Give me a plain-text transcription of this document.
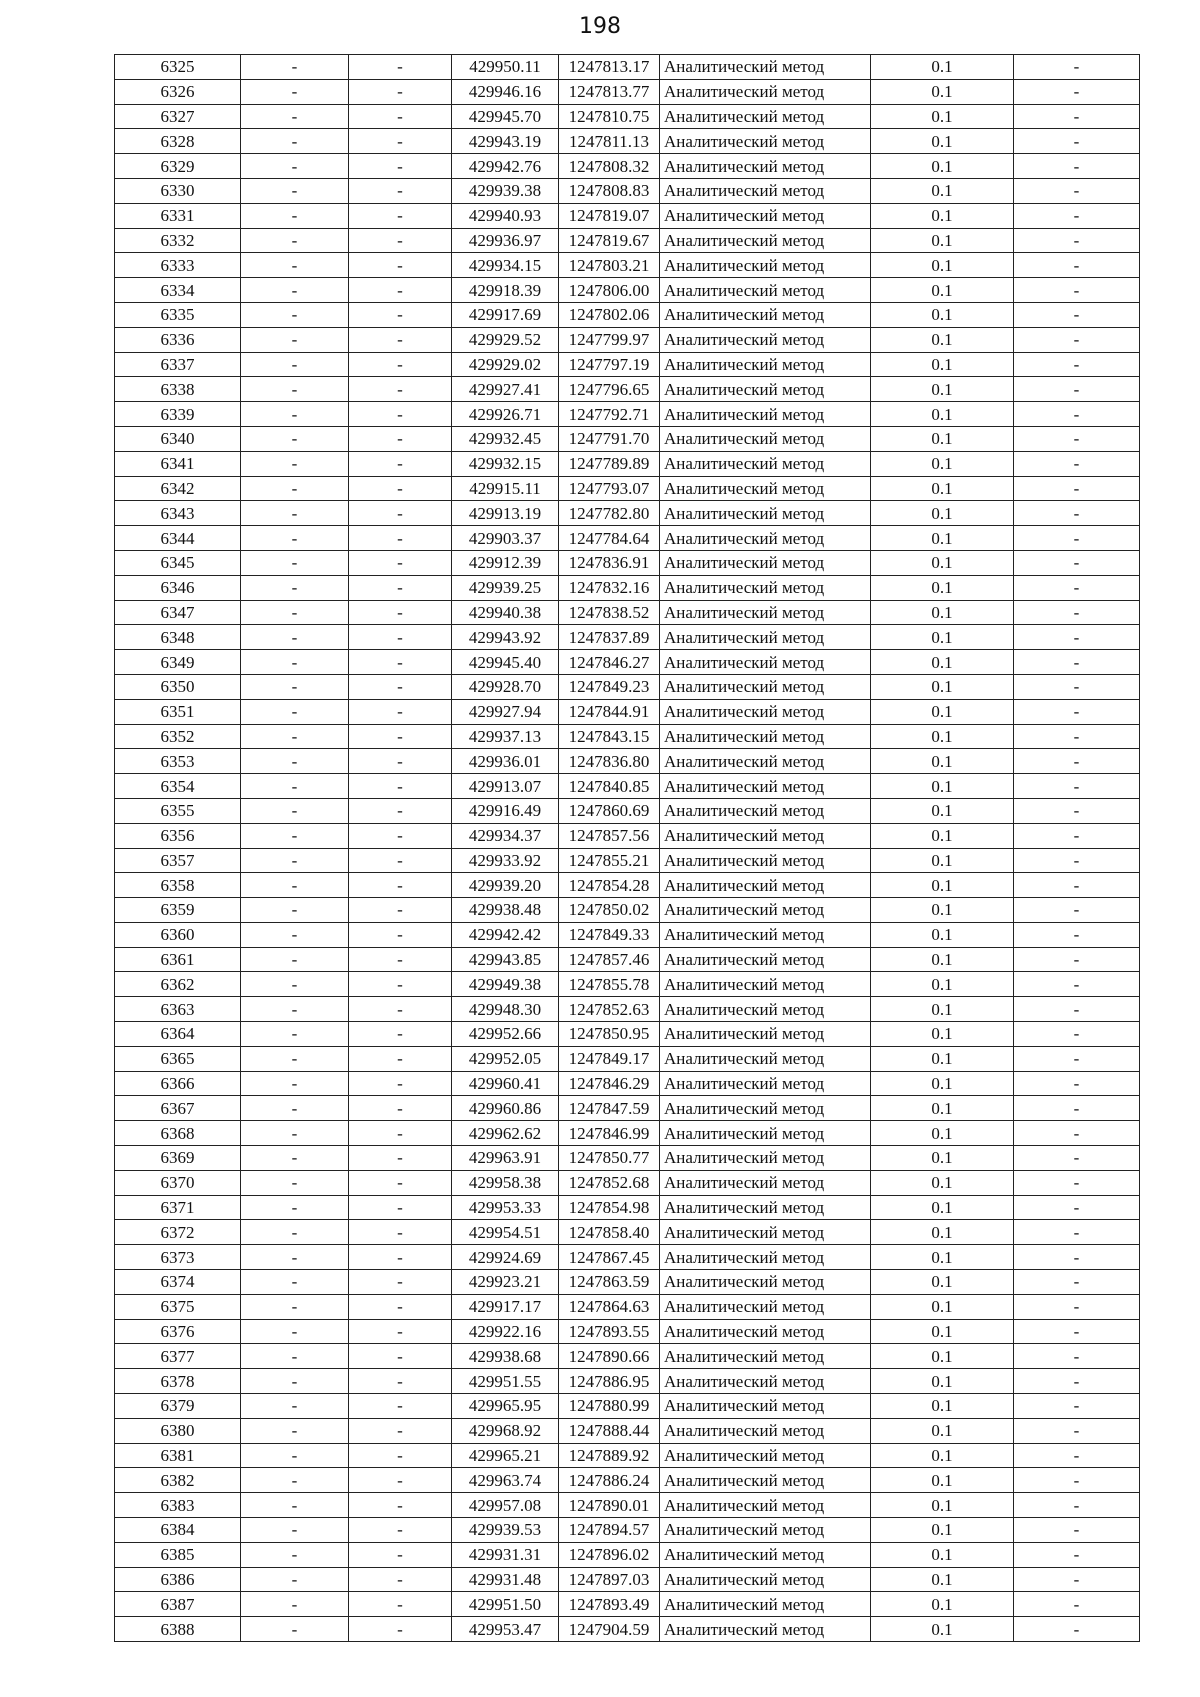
198
6325	-	-	429950.11	1247813.17	Аналитический метод	0.1	-
6326	-	-	429946.16	1247813.77	Аналитический метод	0.1	-
6327	-	-	429945.70	1247810.75	Аналитический метод	0.1	-
6328	-	-	429943.19	1247811.13	Аналитический метод	0.1	-
6329	-	-	429942.76	1247808.32	Аналитический метод	0.1	-
6330	-	-	429939.38	1247808.83	Аналитический метод	0.1	-
6331	-	-	429940.93	1247819.07	Аналитический метод	0.1	-
6332	-	-	429936.97	1247819.67	Аналитический метод	0.1	-
6333	-	-	429934.15	1247803.21	Аналитический метод	0.1	-
6334	-	-	429918.39	1247806.00	Аналитический метод	0.1	-
6335	-	-	429917.69	1247802.06	Аналитический метод	0.1	-
6336	-	-	429929.52	1247799.97	Аналитический метод	0.1	-
6337	-	-	429929.02	1247797.19	Аналитический метод	0.1	-
6338	-	-	429927.41	1247796.65	Аналитический метод	0.1	-
6339	-	-	429926.71	1247792.71	Аналитический метод	0.1	-
6340	-	-	429932.45	1247791.70	Аналитический метод	0.1	-
6341	-	-	429932.15	1247789.89	Аналитический метод	0.1	-
6342	-	-	429915.11	1247793.07	Аналитический метод	0.1	-
6343	-	-	429913.19	1247782.80	Аналитический метод	0.1	-
6344	-	-	429903.37	1247784.64	Аналитический метод	0.1	-
6345	-	-	429912.39	1247836.91	Аналитический метод	0.1	-
6346	-	-	429939.25	1247832.16	Аналитический метод	0.1	-
6347	-	-	429940.38	1247838.52	Аналитический метод	0.1	-
6348	-	-	429943.92	1247837.89	Аналитический метод	0.1	-
6349	-	-	429945.40	1247846.27	Аналитический метод	0.1	-
6350	-	-	429928.70	1247849.23	Аналитический метод	0.1	-
6351	-	-	429927.94	1247844.91	Аналитический метод	0.1	-
6352	-	-	429937.13	1247843.15	Аналитический метод	0.1	-
6353	-	-	429936.01	1247836.80	Аналитический метод	0.1	-
6354	-	-	429913.07	1247840.85	Аналитический метод	0.1	-
6355	-	-	429916.49	1247860.69	Аналитический метод	0.1	-
6356	-	-	429934.37	1247857.56	Аналитический метод	0.1	-
6357	-	-	429933.92	1247855.21	Аналитический метод	0.1	-
6358	-	-	429939.20	1247854.28	Аналитический метод	0.1	-
6359	-	-	429938.48	1247850.02	Аналитический метод	0.1	-
6360	-	-	429942.42	1247849.33	Аналитический метод	0.1	-
6361	-	-	429943.85	1247857.46	Аналитический метод	0.1	-
6362	-	-	429949.38	1247855.78	Аналитический метод	0.1	-
6363	-	-	429948.30	1247852.63	Аналитический метод	0.1	-
6364	-	-	429952.66	1247850.95	Аналитический метод	0.1	-
6365	-	-	429952.05	1247849.17	Аналитический метод	0.1	-
6366	-	-	429960.41	1247846.29	Аналитический метод	0.1	-
6367	-	-	429960.86	1247847.59	Аналитический метод	0.1	-
6368	-	-	429962.62	1247846.99	Аналитический метод	0.1	-
6369	-	-	429963.91	1247850.77	Аналитический метод	0.1	-
6370	-	-	429958.38	1247852.68	Аналитический метод	0.1	-
6371	-	-	429953.33	1247854.98	Аналитический метод	0.1	-
6372	-	-	429954.51	1247858.40	Аналитический метод	0.1	-
6373	-	-	429924.69	1247867.45	Аналитический метод	0.1	-
6374	-	-	429923.21	1247863.59	Аналитический метод	0.1	-
6375	-	-	429917.17	1247864.63	Аналитический метод	0.1	-
6376	-	-	429922.16	1247893.55	Аналитический метод	0.1	-
6377	-	-	429938.68	1247890.66	Аналитический метод	0.1	-
6378	-	-	429951.55	1247886.95	Аналитический метод	0.1	-
6379	-	-	429965.95	1247880.99	Аналитический метод	0.1	-
6380	-	-	429968.92	1247888.44	Аналитический метод	0.1	-
6381	-	-	429965.21	1247889.92	Аналитический метод	0.1	-
6382	-	-	429963.74	1247886.24	Аналитический метод	0.1	-
6383	-	-	429957.08	1247890.01	Аналитический метод	0.1	-
6384	-	-	429939.53	1247894.57	Аналитический метод	0.1	-
6385	-	-	429931.31	1247896.02	Аналитический метод	0.1	-
6386	-	-	429931.48	1247897.03	Аналитический метод	0.1	-
6387	-	-	429951.50	1247893.49	Аналитический метод	0.1	-
6388	-	-	429953.47	1247904.59	Аналитический метод	0.1	-
